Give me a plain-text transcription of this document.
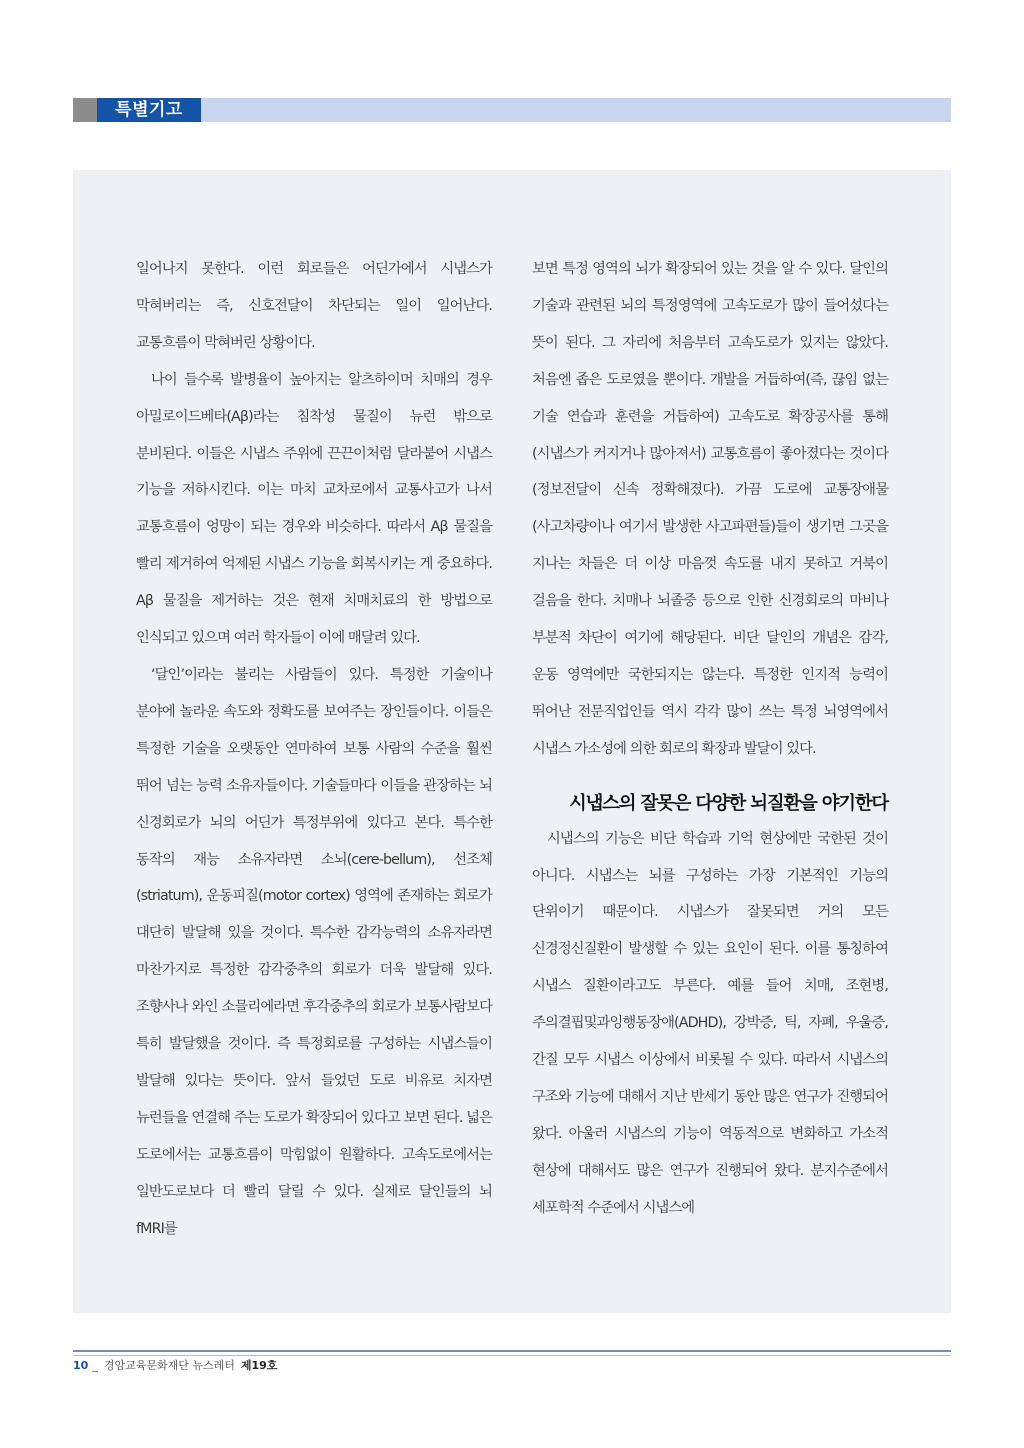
특별기고

일어나지 못한다. 이런 회로들은 어딘가에서 시냅스가 막혀버리는 즉, 신호전달이 차단되는 일이 일어난다. 교통흐름이 막혀버린 상황이다.

나이 들수록 발병율이 높아지는 알츠하이머 치매의 경우 아밀로이드베타(Aβ)라는 침착성 물질이 뉴런 밖으로 분비된다. 이들은 시냅스 주위에 끈끈이처럼 달라붙어 시냅스 기능을 저하시킨다. 이는 마치 교차로에서 교통사고가 나서 교통흐름이 엉망이 되는 경우와 비슷하다. 따라서 Aβ 물질을 빨리 제거하여 억제된 시냅스 기능을 회복시키는 게 중요하다. Aβ 물질을 제거하는 것은 현재 치매치료의 한 방법으로 인식되고 있으며 여러 학자들이 이에 매달려 있다.

‘달인’이라는 불리는 사람들이 있다. 특정한 기술이나 분야에 놀라운 속도와 정확도를 보여주는 장인들이다. 이들은 특정한 기술을 오랫동안 연마하여 보통 사람의 수준을 훨씬 뛰어 넘는 능력 소유자들이다. 기술들마다 이들을 관장하는 뇌 신경회로가 뇌의 어딘가 특정부위에 있다고 본다. 특수한 동작의 재능 소유자라면 소뇌(cere-bellum), 선조체(striatum), 운동피질(motor cortex) 영역에 존재하는 회로가 대단히 발달해 있을 것이다. 특수한 감각능력의 소유자라면 마찬가지로 특정한 감각중추의 회로가 더욱 발달해 있다. 조향사나 와인 소믈리에라면 후각중추의 회로가 보통사람보다 특히 발달했을 것이다. 즉 특정회로를 구성하는 시냅스들이 발달해 있다는 뜻이다. 앞서 들었던 도로 비유로 치자면 뉴런들을 연결해 주는 도로가 확장되어 있다고 보면 된다. 넓은 도로에서는 교통흐름이 막힘없이 원활하다. 고속도로에서는 일반도로보다 더 빨리 달릴 수 있다. 실제로 달인들의 뇌 fMRI를

보면 특정 영역의 뇌가 확장되어 있는 것을 알 수 있다. 달인의 기술과 관련된 뇌의 특정영역에 고속도로가 많이 들어섰다는 뜻이 된다. 그 자리에 처음부터 고속도로가 있지는 않았다. 처음엔 좁은 도로였을 뿐이다. 개발을 거듭하여(즉, 끊임 없는 기술 연습과 훈련을 거듭하여) 고속도로 확장공사를 통해(시냅스가 커지거나 많아져서) 교통흐름이 좋아졌다는 것이다(정보전달이 신속 정확해졌다). 가끔 도로에 교통장애물(사고차량이나 여기서 발생한 사고파편들)들이 생기면 그곳을 지나는 차들은 더 이상 마음껏 속도를 내지 못하고 거북이 걸음을 한다. 치매나 뇌졸중 등으로 인한 신경회로의 마비나 부분적 차단이 여기에 해당된다. 비단 달인의 개념은 감각, 운동 영역에만 국한되지는 않는다. 특정한 인지적 능력이 뛰어난 전문직업인들 역시 각각 많이 쓰는 특정 뇌영역에서 시냅스 가소성에 의한 회로의 확장과 발달이 있다.

시냅스의 잘못은 다양한 뇌질환을 야기한다

시냅스의 기능은 비단 학습과 기억 현상에만 국한된 것이 아니다. 시냅스는 뇌를 구성하는 가장 기본적인 기능의 단위이기 때문이다. 시냅스가 잘못되면 거의 모든 신경정신질환이 발생할 수 있는 요인이 된다. 이를 통칭하여 시냅스 질환이라고도 부른다. 예를 들어 치매, 조현병, 주의결핍및과잉행동장애(ADHD), 강박증, 틱, 자폐, 우울증, 간질 모두 시냅스 이상에서 비롯될 수 있다. 따라서 시냅스의 구조와 기능에 대해서 지난 반세기 동안 많은 연구가 진행되어 왔다. 아울러 시냅스의 기능이 역동적으로 변화하고 가소적 현상에 대해서도 많은 연구가 진행되어 왔다. 분지수준에서 세포학적 수준에서 시냅스에

10 _ 경암교육문화재단 뉴스레터 제19호
